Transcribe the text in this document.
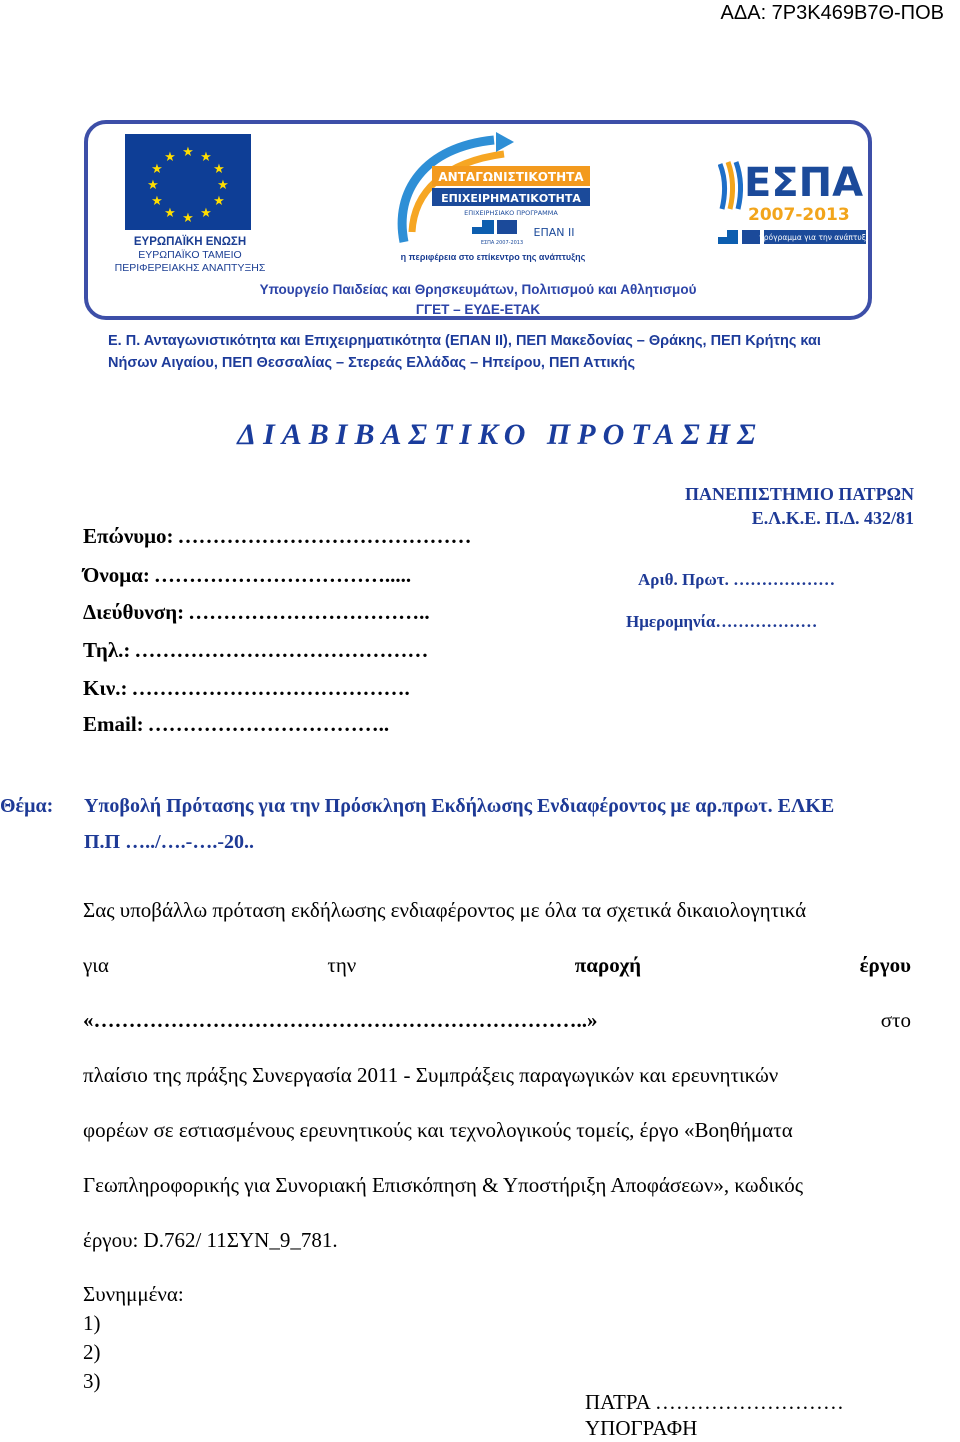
ΑΔΑ: 7Ρ3Κ469Β7Θ-ΠΟΒ
★ ★
★
★
★
★
★
★
★
★
★
★
ΕΥΡΩΠΑΪΚΗ ΕΝΩΣΗ
ΕΥΡΩΠΑΪΚΟ ΤΑΜΕΙΟ
ΠΕΡΙΦΕΡΕΙΑΚΗΣ ΑΝΑΠΤΥΞΗΣ
ΑΝΤΑΓΩΝΙΣΤΙΚΟΤΗΤΑ
ΕΠΙΧΕΙΡΗΜΑΤΙΚΟΤΗΤΑ
ΕΠΙΧΕΙΡΗΣΙΑΚΟ ΠΡΟΓΡΑΜΜΑ
ΕΣΠΑ 2007-2013
ΕΠΑΝ ΙΙ
η περιφέρεια στο επίκεντρο της ανάπτυξης
ΕΣΠΑ
2007-2013
πρόγραμμα για την ανάπτυξη
Υπουργείο Παιδείας και Θρησκευμάτων, Πολιτισμού και Αθλητισμού
ΓΓΕΤ – ΕΥΔΕ-ΕΤΑΚ
Ε. Π. Ανταγωνιστικότητα και Επιχειρηματικότητα (ΕΠΑΝ ΙΙ), ΠΕΠ Μακεδονίας – Θράκης, ΠΕΠ Κρήτης και
Νήσων Αιγαίου, ΠΕΠ Θεσσαλίας – Στερεάς Ελλάδας – Ηπείρου, ΠΕΠ Αττικής
ΔΙΑΒΙΒΑΣΤΙΚΟ ΠΡΟΤΑΣΗΣ
Επώνυμο: ……………………………………
Όνομα: …………………………….....
Διεύθυνση: ……………………………..
Τηλ.: ……………………………………
Κιν.: ………………………………….
Email: ……………………………..
ΠΑΝΕΠΙΣΤΗΜΙΟ ΠΑΤΡΩΝ
Ε.Λ.Κ.Ε. Π.Δ. 432/81
Αριθ. Πρωτ. ………………
Ημερομηνία………………
Θέμα: Υποβολή Πρότασης για την Πρόσκληση Εκδήλωσης Ενδιαφέροντος με αρ.πρωτ. ΕΛΚΕ
Π.Π …../….-….-20..
Σας υποβάλλω πρόταση εκδήλωσης ενδιαφέροντος με όλα τα σχετικά δικαιολογητικά
για	την	παροχή	έργου
«……………………………………………………………..»	στο
πλαίσιο της πράξης Συνεργασία 2011 - Συμπράξεις παραγωγικών και ερευνητικών
φορέων σε εστιασμένους ερευνητικούς και τεχνολογικούς τομείς, έργο «Βοηθήματα
Γεωπληροφορικής για Συνοριακή Επισκόπηση & Υποστήριξη Αποφάσεων», κωδικός
έργου: D.762/ 11ΣΥΝ_9_781.
Συνημμένα:
1)
2)
3)
ΠΑΤΡΑ ………………………
ΥΠΟΓΡΑΦΗ
